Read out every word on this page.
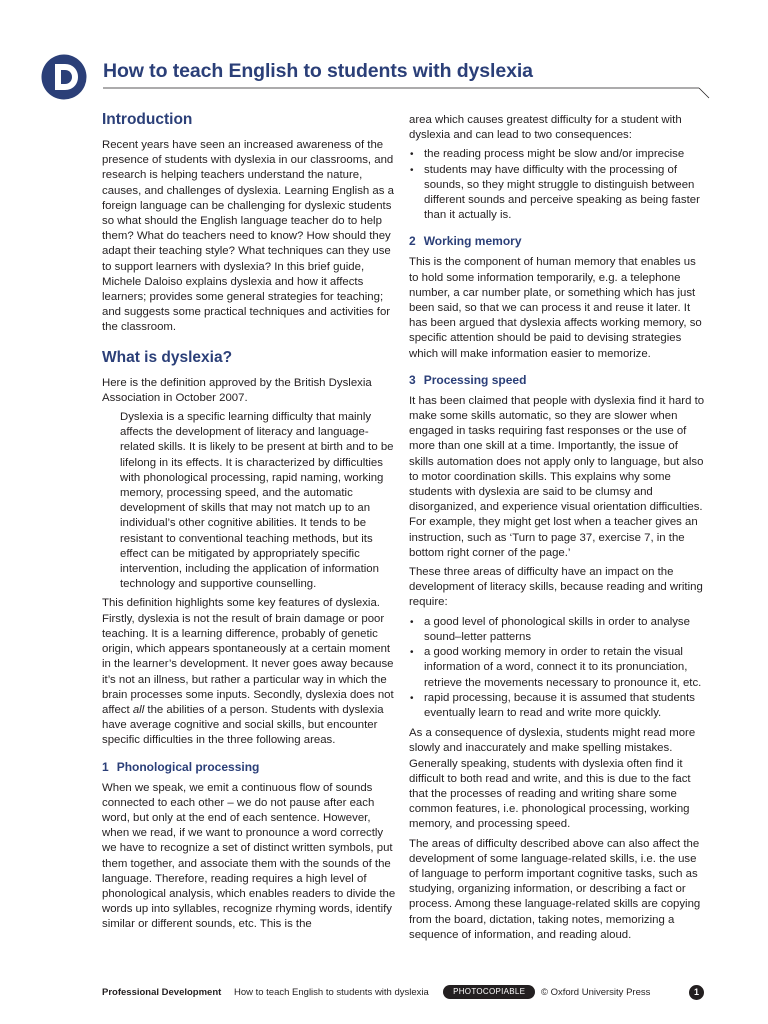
How to teach English to students with dyslexia
Introduction

Recent years have seen an increased awareness of the presence of students with dyslexia in our classrooms, and research is helping teachers understand the nature, causes, and challenges of dyslexia. Learning English as a foreign language can be challenging for dyslexic students so what should the English language teacher do to help them? What do teachers need to know? How should they adapt their teaching style? What techniques can they use to support learners with dyslexia? In this brief guide, Michele Daloiso explains dyslexia and how it affects learners; provides some general strategies for teaching; and suggests some practical techniques and activities for the classroom.

What is dyslexia?

Here is the definition approved by the British Dyslexia Association in October 2007.

Dyslexia is a specific learning difficulty that mainly affects the development of literacy and language-related skills. It is likely to be present at birth and to be lifelong in its effects. It is characterized by difficulties with phonological processing, rapid naming, working memory, processing speed, and the automatic development of skills that may not match up to an individual’s other cognitive abilities. It tends to be resistant to conventional teaching methods, but its effect can be mitigated by appropriately specific intervention, including the application of information technology and supportive counselling.

This definition highlights some key features of dyslexia. Firstly, dyslexia is not the result of brain damage or poor teaching. It is a learning difference, probably of genetic origin, which appears spontaneously at a certain moment in the learner’s development. It never goes away because it’s not an illness, but rather a particular way in which the brain processes some inputs. Secondly, dyslexia does not affect all the abilities of a person. Students with dyslexia have average cognitive and social skills, but encounter specific difficulties in the three following areas.

1 Phonological processing

When we speak, we emit a continuous flow of sounds connected to each other – we do not pause after each word, but only at the end of each sentence. However, when we read, if we want to pronounce a word correctly we have to recognize a set of distinct written symbols, put them together, and associate them with the sounds of the language. Therefore, reading requires a high level of phonological analysis, which enables readers to divide the words up into syllables, recognize rhyming words, identify similar or different sounds, etc. This is the

area which causes greatest difficulty for a student with dyslexia and can lead to two consequences:

• the reading process might be slow and/or imprecise
• students may have difficulty with the processing of sounds, so they might struggle to distinguish between different sounds and perceive speaking as being faster than it actually is.
2 Working memory

This is the component of human memory that enables us to hold some information temporarily, e.g. a telephone number, a car number plate, or something which has just been said, so that we can process it and reuse it later. It has been argued that dyslexia affects working memory, so specific attention should be paid to devising strategies which will make information easier to memorize.

3 Processing speed

It has been claimed that people with dyslexia find it hard to make some skills automatic, so they are slower when engaged in tasks requiring fast responses or the use of more than one skill at a time. Importantly, the issue of skills automation does not apply only to language, but also to motor coordination skills. This explains why some students with dyslexia are said to be clumsy and disorganized, and experience visual orientation difficulties. For example, they might get lost when a teacher gives an instruction, such as ‘Turn to page 37, exercise 7, in the bottom right corner of the page.’

These three areas of difficulty have an impact on the development of literacy skills, because reading and writing require:

• a good level of phonological skills in order to analyse sound–letter patterns
• a good working memory in order to retain the visual information of a word, connect it to its pronunciation, retrieve the movements necessary to pronounce it, etc.
• rapid processing, because it is assumed that students eventually learn to read and write more quickly.

As a consequence of dyslexia, students might read more slowly and inaccurately and make spelling mistakes. Generally speaking, students with dyslexia often find it difficult to both read and write, and this is due to the fact that the processes of reading and writing share some common features, i.e. phonological processing, working memory, and processing speed.

The areas of difficulty described above can also affect the development of some language-related skills, i.e. the use of language to perform important cognitive tasks, such as studying, organizing information, or describing a fact or process. Among these language-related skills are copying from the board, dictation, taking notes, memorizing a sequence of information, and reading aloud.

Professional Development How to teach English to students with dyslexia	PHOTOCOPIABLE © Oxford University Press	1
